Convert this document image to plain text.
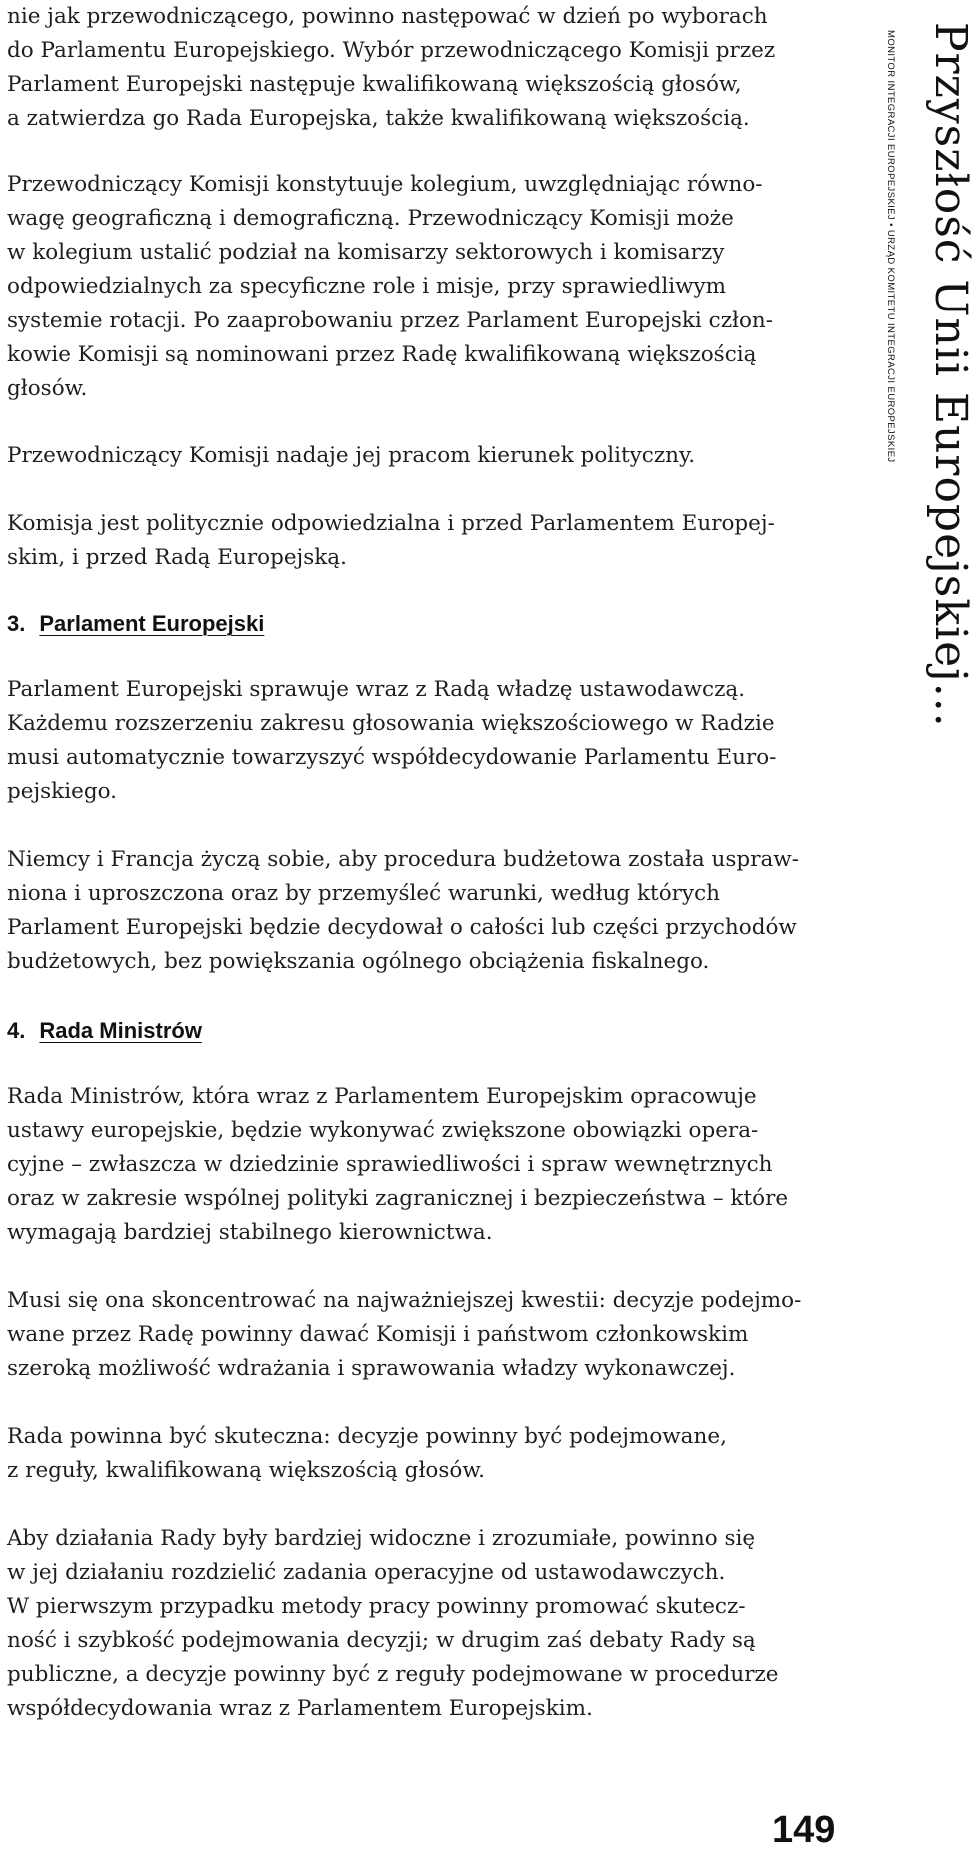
nie jak przewodniczącego, powinno następować w dzień po wyborach
do Parlamentu Europejskiego. Wybór przewodniczącego Komisji przez
Parlament Europejski następuje kwalifikowaną większością głosów,
a zatwierdza go Rada Europejska, także kwalifikowaną większością.

Przewodniczący Komisji konstytuuje kolegium, uwzględniając równo-
wagę geograficzną i demograficzną. Przewodniczący Komisji może
w kolegium ustalić podział na komisarzy sektorowych i komisarzy
odpowiedzialnych za specyficzne role i misje, przy sprawiedliwym
systemie rotacji. Po zaaprobowaniu przez Parlament Europejski człon-
kowie Komisji są nominowani przez Radę kwalifikowaną większością
głosów.

Przewodniczący Komisji nadaje jej pracom kierunek polityczny.

Komisja jest politycznie odpowiedzialna i przed Parlamentem Europej-
skim, i przed Radą Europejską.

3. Parlament Europejski

Parlament Europejski sprawuje wraz z Radą władzę ustawodawczą.
Każdemu rozszerzeniu zakresu głosowania większościowego w Radzie
musi automatycznie towarzyszyć współdecydowanie Parlamentu Euro-
pejskiego.

Niemcy i Francja życzą sobie, aby procedura budżetowa została uspraw-
niona i uproszczona oraz by przemyśleć warunki, według których
Parlament Europejski będzie decydował o całości lub części przychodów
budżetowych, bez powiększania ogólnego obciążenia fiskalnego.

4. Rada Ministrów

Rada Ministrów, która wraz z Parlamentem Europejskim opracowuje
ustawy europejskie, będzie wykonywać zwiększone obowiązki opera-
cyjne – zwłaszcza w dziedzinie sprawiedliwości i spraw wewnętrznych
oraz w zakresie wspólnej polityki zagranicznej i bezpieczeństwa – które
wymagają bardziej stabilnego kierownictwa.

Musi się ona skoncentrować na najważniejszej kwestii: decyzje podejmo-
wane przez Radę powinny dawać Komisji i państwom członkowskim
szeroką możliwość wdrażania i sprawowania władzy wykonawczej.

Rada powinna być skuteczna: decyzje powinny być podejmowane,
z reguły, kwalifikowaną większością głosów.

Aby działania Rady były bardziej widoczne i zrozumiałe, powinno się
w jej działaniu rozdzielić zadania operacyjne od ustawodawczych.
W pierwszym przypadku metody pracy powinny promować skutecz-
ność i szybkość podejmowania decyzji; w drugim zaś debaty Rady są
publiczne, a decyzje powinny być z reguły podejmowane w procedurze
współdecydowania wraz z Parlamentem Europejskim.

MONITOR INTEGRACJI EUROPEJSKIEJ • URZĄD KOMITETU INTEGRACJI EUROPEJSKIEJ Przyszłość Unii Europejskiej...
149
